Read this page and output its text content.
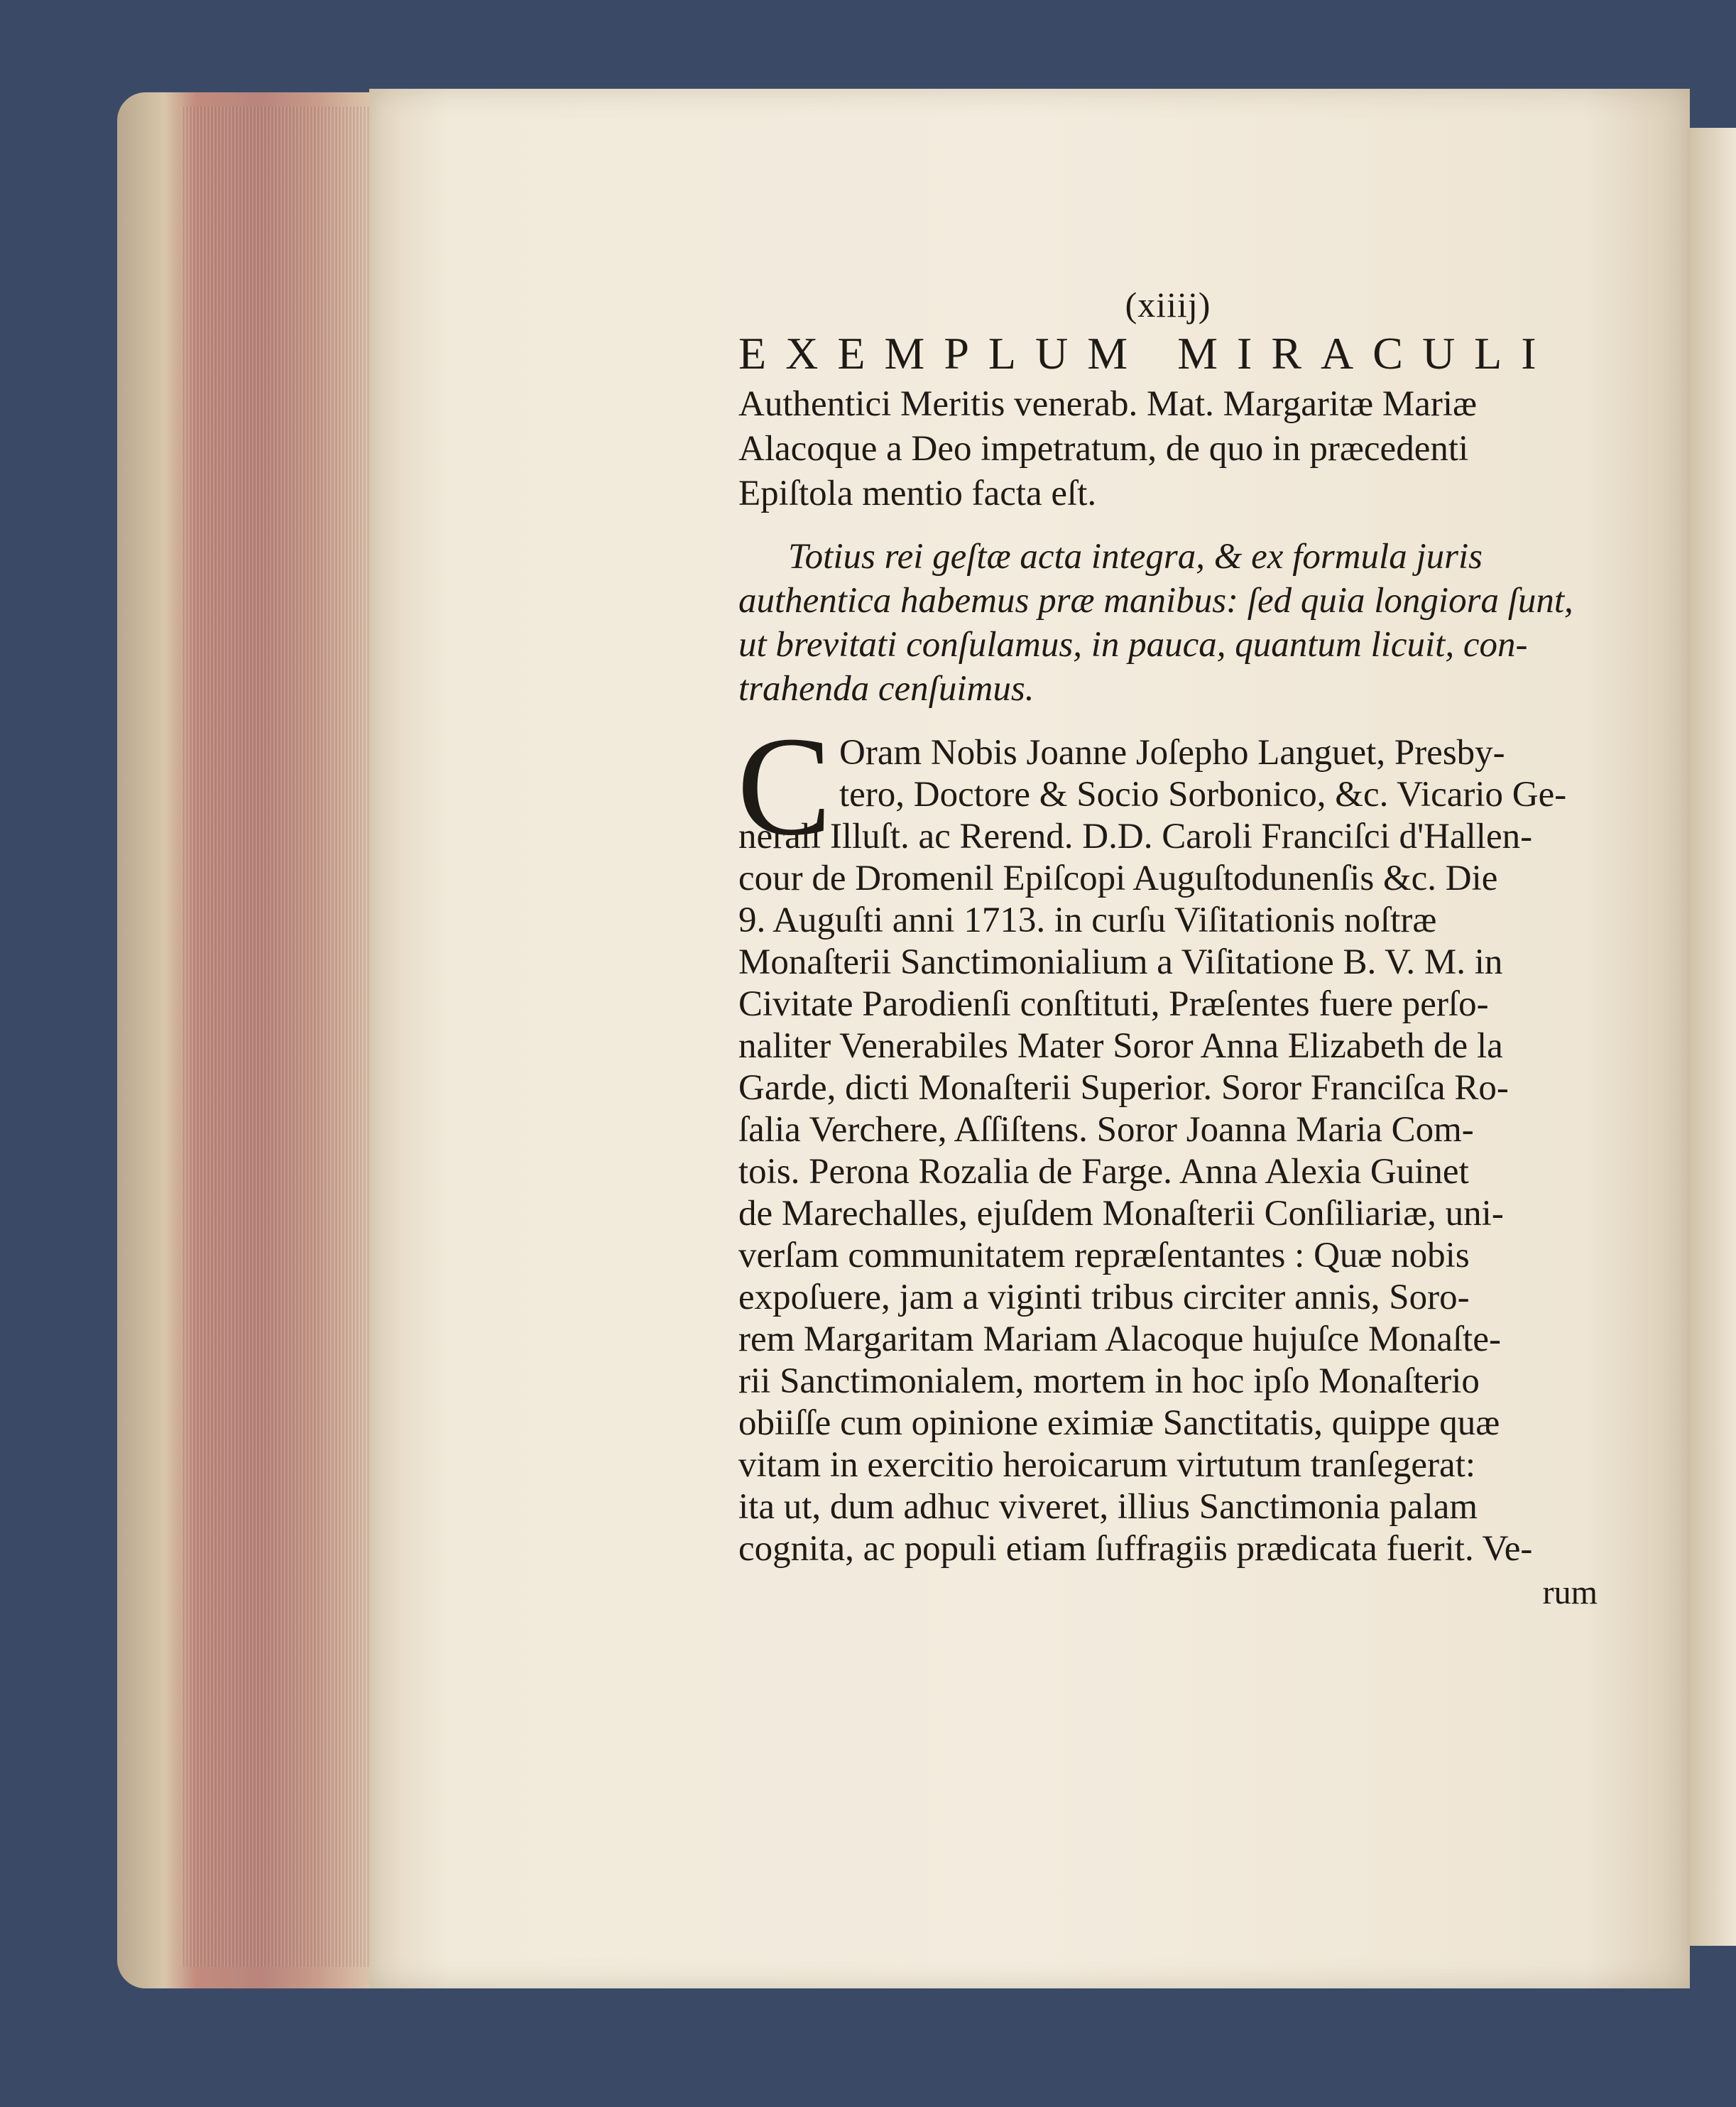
(xiiij)
EXEMPLUM MIRACULI
Authentici Meritis venerab. Mat. Margaritæ Mariæ
Alacoque a Deo impetratum, de quo in præcedenti
Epiſtola mentio facta eſt.
Totius rei geſtæ acta integra, & ex formula juris
authentica habemus præ manibus: ſed quia longiora ſunt,
ut brevitati conſulamus, in pauca, quantum licuit, con-
trahenda cenſuimus.
C Oram Nobis Joanne Joſepho Languet, Presby-
tero, Doctore & Socio Sorbonico, &c. Vicario Ge-
nerali Illuſt. ac Rerend. D.D. Caroli Franciſci d'Hallen-
cour de Dromenil Epiſcopi Auguſtodunenſis &c. Die
9. Auguſti anni 1713. in curſu Viſitationis noſtræ
Monaſterii Sanctimonialium a Viſitatione B. V. M. in
Civitate Parodienſi conſtituti, Præſentes fuere perſo-
naliter Venerabiles Mater Soror Anna Elizabeth de la
Garde, dicti Monaſterii Superior. Soror Franciſca Ro-
ſalia Verchere, Aſſiſtens. Soror Joanna Maria Com-
tois. Perona Rozalia de Farge. Anna Alexia Guinet
de Marechalles, ejuſdem Monaſterii Conſiliariæ, uni-
verſam communitatem repræſentantes : Quæ nobis
expoſuere, jam a viginti tribus circiter annis, Soro-
rem Margaritam Mariam Alacoque hujuſce Monaſte-
rii Sanctimonialem, mortem in hoc ipſo Monaſterio
obiiſſe cum opinione eximiæ Sanctitatis, quippe quæ
vitam in exercitio heroicarum virtutum tranſegerat:
ita ut, dum adhuc viveret, illius Sanctimonia palam
cognita, ac populi etiam ſuffragiis prædicata fuerit. Ve-
rum
